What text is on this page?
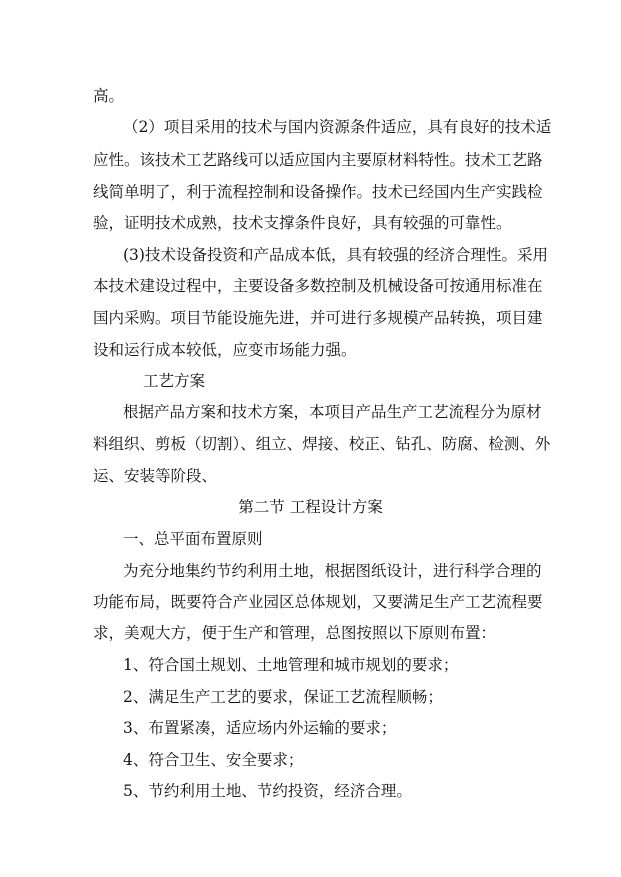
高。
（2）项目采用的技术与国内资源条件适应，具有良好的技术适
应性。该技术工艺路线可以适应国内主要原材料特性。技术工艺路
线简单明了，利于流程控制和设备操作。技术已经国内生产实践检
验，证明技术成熟，技术支撑条件良好，具有较强的可靠性。
(3)技术设备投资和产品成本低，具有较强的经济合理性。采用
本技术建设过程中，主要设备多数控制及机械设备可按通用标准在
国内采购。项目节能设施先进，并可进行多规模产品转换，项目建
设和运行成本较低，应变市场能力强。
工艺方案
根据产品方案和技术方案，本项目产品生产工艺流程分为原材
料组织、剪板（切割）、组立、焊接、校正、钻孔、防腐、检测、外
运、安装等阶段、
第二节 工程设计方案
一、总平面布置原则
为充分地集约节约利用土地，根据图纸设计，进行科学合理的
功能布局，既要符合产业园区总体规划，又要满足生产工艺流程要
求，美观大方，便于生产和管理，总图按照以下原则布置：
1、符合国土规划、土地管理和城市规划的要求；
2、满足生产工艺的要求，保证工艺流程顺畅；
3、布置紧凑，适应场内外运输的要求；
4、符合卫生、安全要求；
5、节约利用土地、节约投资，经济合理。
